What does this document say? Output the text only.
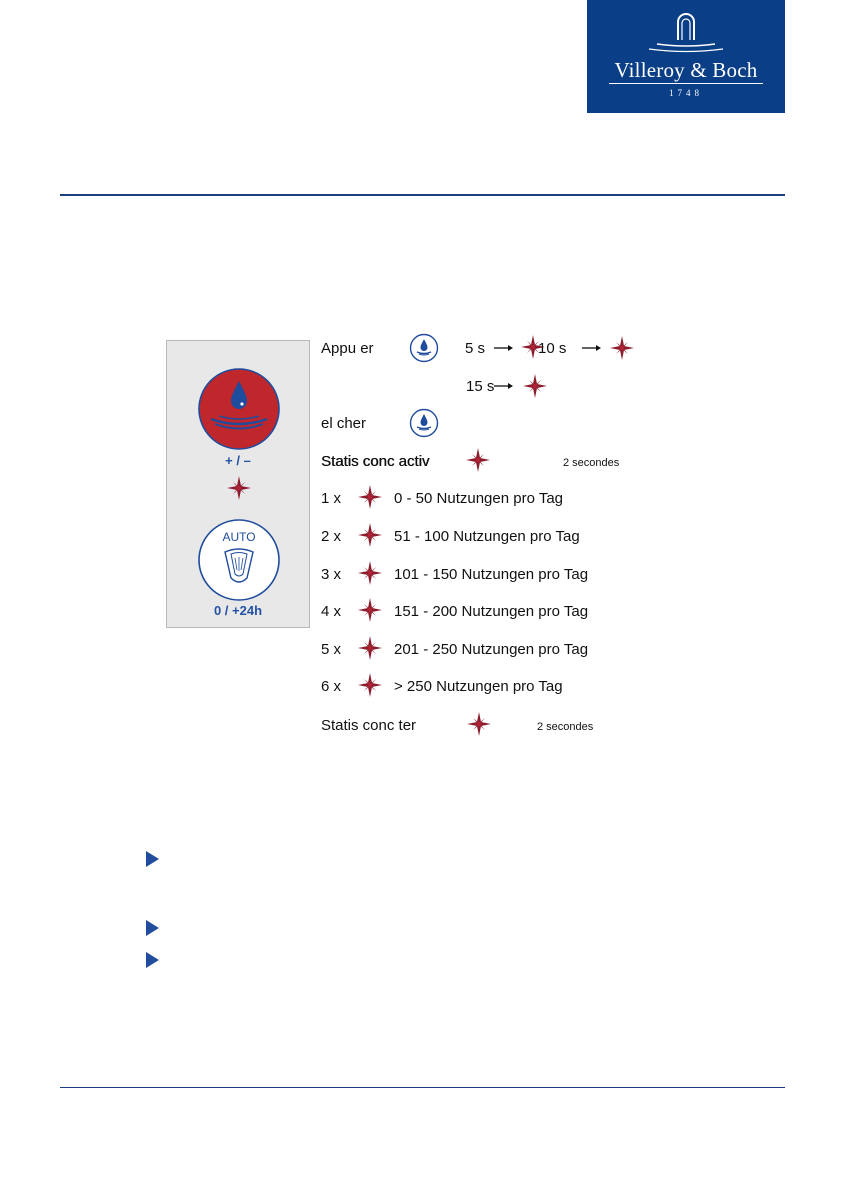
Villeroy & Boch
1748
+ / –
AUTO
0 / +24h
Appu er	5 s	10 s
15 s
el cher
Statis conc activ	2 secondes
1 x	0 - 50 Nutzungen pro Tag
2 x	51 - 100 Nutzungen pro Tag
3 x	101 - 150 Nutzungen pro Tag
4 x	151 - 200 Nutzungen pro Tag
5 x	201 - 250 Nutzungen pro Tag
6 x	> 250 Nutzungen pro Tag
Statis conc ter	2 secondes
